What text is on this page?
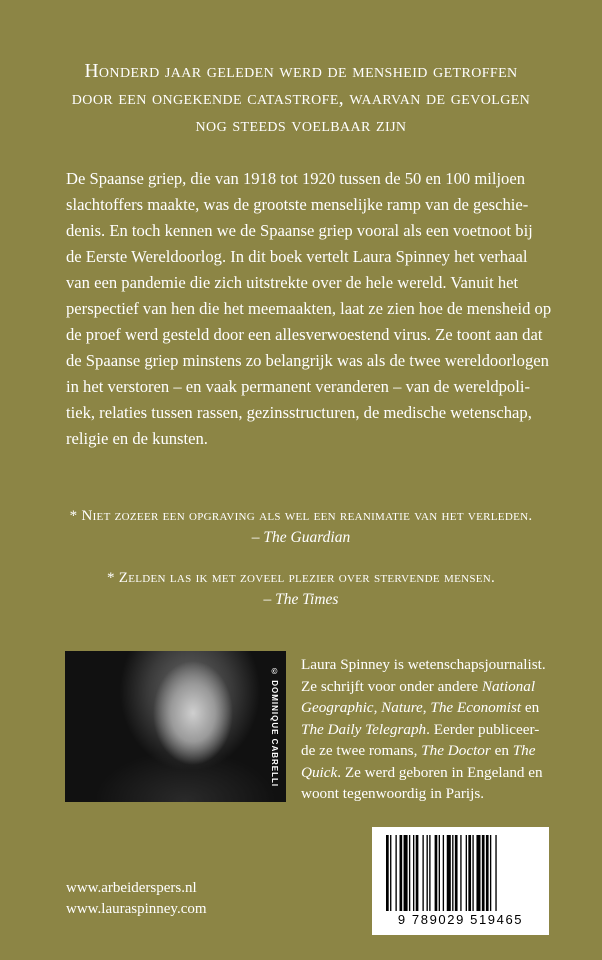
Honderd jaar geleden werd de mensheid getroffen
door een ongekende catastrofe, waarvan de gevolgen
nog steeds voelbaar zijn

De Spaanse griep, die van 1918 tot 1920 tussen de 50 en 100 miljoen
slachtoffers maakte, was de grootste menselijke ramp van de geschie-
denis. En toch kennen we de Spaanse griep vooral als een voetnoot bij
de Eerste Wereldoorlog. In dit boek vertelt Laura Spinney het verhaal
van een pandemie die zich uitstrekte over de hele wereld. Vanuit het
perspectief van hen die het meemaakten, laat ze zien hoe de mensheid op
de proef werd gesteld door een allesverwoestend virus. Ze toont aan dat
de Spaanse griep minstens zo belangrijk was als de twee wereldoorlogen
in het verstoren – en vaak permanent veranderen – van de wereldpoli-
tiek, relaties tussen rassen, gezinsstructuren, de medische wetenschap,
religie en de kunsten.

* Niet zozeer een opgraving als wel een reanimatie van het verleden.
– The Guardian
* Zelden las ik met zoveel plezier over stervende mensen.
– The Times
© DOMINIQUE CABRELLI
Laura Spinney is wetenschapsjournalist.
Ze schrijft voor onder andere National
Geographic, Nature, The Economist en
The Daily Telegraph. Eerder publiceer-
de ze twee romans, The Doctor en The
Quick. Ze werd geboren in Engeland en
woont tegenwoordig in Parijs.
www.arbeiderspers.nl
www.lauraspinney.com
9 789029 519465
